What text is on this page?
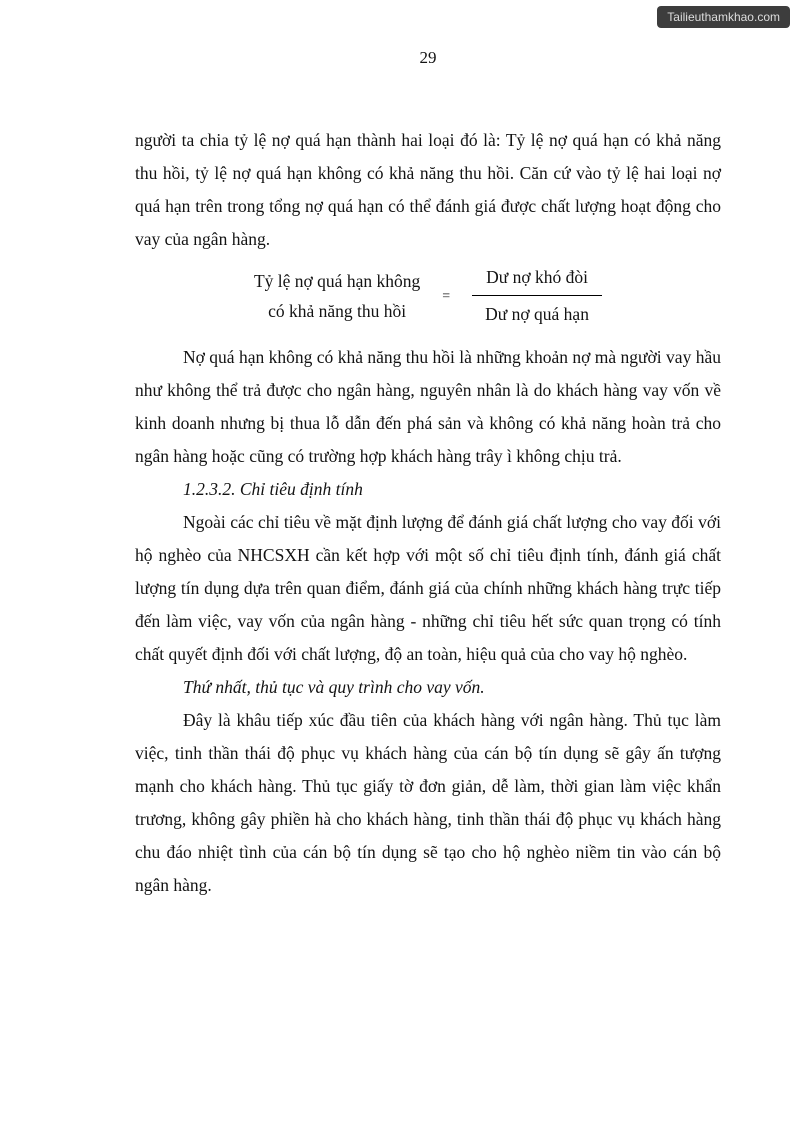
Tailieuthamkhao.com
29

người ta chia tỷ lệ nợ quá hạn thành hai loại đó là: Tỷ lệ nợ quá hạn có khả năng thu hồi, tỷ lệ nợ quá hạn không có khả năng thu hồi. Căn cứ vào tỷ lệ hai loại nợ quá hạn trên trong tổng nợ quá hạn có thể đánh giá được chất lượng hoạt động cho vay của ngân hàng.

Tỷ lệ nợ quá hạn không
có khả năng thu hồi
= $\frac{\text{Dư nợ khó đòi}}{\text{Dư nợ quá hạn}}$

Nợ quá hạn không có khả năng thu hồi là những khoản nợ mà người vay hầu như không thể trả được cho ngân hàng, nguyên nhân là do khách hàng vay vốn về kinh doanh nhưng bị thua lỗ dẫn đến phá sản và không có khả năng hoàn trả cho ngân hàng hoặc cũng có trường hợp khách hàng trây ì không chịu trả.

1.2.3.2. Chỉ tiêu định tính

Ngoài các chỉ tiêu về mặt định lượng để đánh giá chất lượng cho vay đối với hộ nghèo của NHCSXH cần kết hợp với một số chỉ tiêu định tính, đánh giá chất lượng tín dụng dựa trên quan điểm, đánh giá của chính những khách hàng trực tiếp đến làm việc, vay vốn của ngân hàng - những chỉ tiêu hết sức quan trọng có tính chất quyết định đối với chất lượng, độ an toàn, hiệu quả của cho vay hộ nghèo.

Thứ nhất, thủ tục và quy trình cho vay vốn.

Đây là khâu tiếp xúc đầu tiên của khách hàng với ngân hàng. Thủ tục làm việc, tinh thần thái độ phục vụ khách hàng của cán bộ tín dụng sẽ gây ấn tượng mạnh cho khách hàng. Thủ tục giấy tờ đơn giản, dễ làm, thời gian làm việc khẩn trương, không gây phiền hà cho khách hàng, tinh thần thái độ phục vụ khách hàng chu đáo nhiệt tình của cán bộ tín dụng sẽ tạo cho hộ nghèo niềm tin vào cán bộ ngân hàng.
